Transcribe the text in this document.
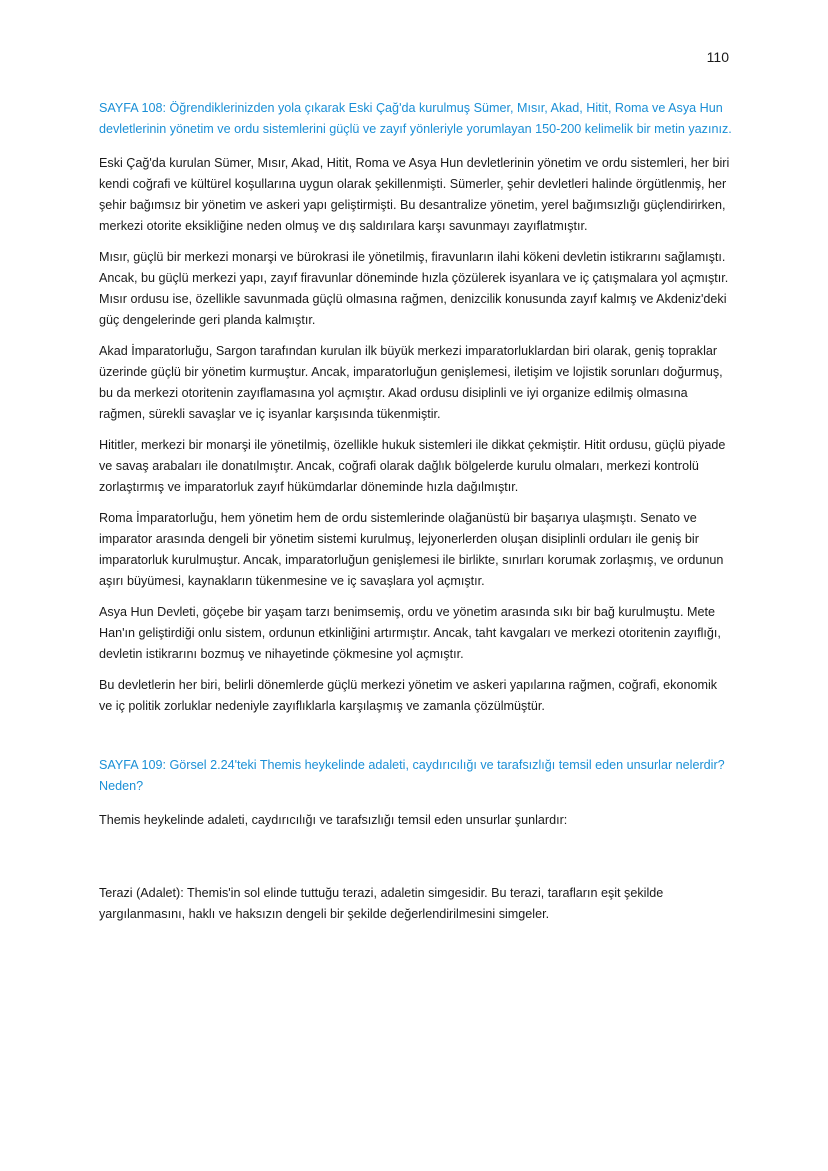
110

SAYFA 108: Öğrendiklerinizden yola çıkarak Eski Çağ'da kurulmuş Sümer, Mısır, Akad, Hitit, Roma ve Asya Hun devletlerinin yönetim ve ordu sistemlerini güçlü ve zayıf yönleriyle yorumlayan 150-200 kelimelik bir metin yazınız.

Eski Çağ'da kurulan Sümer, Mısır, Akad, Hitit, Roma ve Asya Hun devletlerinin yönetim ve ordu sistemleri, her biri kendi coğrafi ve kültürel koşullarına uygun olarak şekillenmişti. Sümerler, şehir devletleri halinde örgütlenmiş, her şehir bağımsız bir yönetim ve askeri yapı geliştirmişti. Bu desantralize yönetim, yerel bağımsızlığı güçlendirirken, merkezi otorite eksikliğine neden olmuş ve dış saldırılara karşı savunmayı zayıflatmıştır.

Mısır, güçlü bir merkezi monarşi ve bürokrasi ile yönetilmiş, firavunların ilahi kökeni devletin istikrarını sağlamıştı. Ancak, bu güçlü merkezi yapı, zayıf firavunlar döneminde hızla çözülerek isyanlara ve iç çatışmalara yol açmıştır. Mısır ordusu ise, özellikle savunmada güçlü olmasına rağmen, denizcilik konusunda zayıf kalmış ve Akdeniz'deki güç dengelerinde geri planda kalmıştır.

Akad İmparatorluğu, Sargon tarafından kurulan ilk büyük merkezi imparatorluklardan biri olarak, geniş topraklar üzerinde güçlü bir yönetim kurmuştur. Ancak, imparatorluğun genişlemesi, iletişim ve lojistik sorunları doğurmuş, bu da merkezi otoritenin zayıflamasına yol açmıştır. Akad ordusu disiplinli ve iyi organize edilmiş olmasına rağmen, sürekli savaşlar ve iç isyanlar karşısında tükenmiştir.

Hititler, merkezi bir monarşi ile yönetilmiş, özellikle hukuk sistemleri ile dikkat çekmiştir. Hitit ordusu, güçlü piyade ve savaş arabaları ile donatılmıştır. Ancak, coğrafi olarak dağlık bölgelerde kurulu olmaları, merkezi kontrolü zorlaştırmış ve imparatorluk zayıf hükümdarlar döneminde hızla dağılmıştır.

Roma İmparatorluğu, hem yönetim hem de ordu sistemlerinde olağanüstü bir başarıya ulaşmıştı. Senato ve imparator arasında dengeli bir yönetim sistemi kurulmuş, lejyonerlerden oluşan disiplinli orduları ile geniş bir imparatorluk kurulmuştur. Ancak, imparatorluğun genişlemesi ile birlikte, sınırları korumak zorlaşmış, ve ordunun aşırı büyümesi, kaynakların tükenmesine ve iç savaşlara yol açmıştır.

Asya Hun Devleti, göçebe bir yaşam tarzı benimsemiş, ordu ve yönetim arasında sıkı bir bağ kurulmuştu. Mete Han'ın geliştirdiği onlu sistem, ordunun etkinliğini artırmıştır. Ancak, taht kavgaları ve merkezi otoritenin zayıflığı, devletin istikrarını bozmuş ve nihayetinde çökmesine yol açmıştır.

Bu devletlerin her biri, belirli dönemlerde güçlü merkezi yönetim ve askeri yapılarına rağmen, coğrafi, ekonomik ve iç politik zorluklar nedeniyle zayıflıklarla karşılaşmış ve zamanla çözülmüştür.

SAYFA 109: Görsel 2.24'teki Themis heykelinde adaleti, caydırıcılığı ve tarafsızlığı temsil eden unsurlar nelerdir? Neden?

Themis heykelinde adaleti, caydırıcılığı ve tarafsızlığı temsil eden unsurlar şunlardır:

Terazi (Adalet): Themis'in sol elinde tuttuğu terazi, adaletin simgesidir. Bu terazi, tarafların eşit şekilde yargılanmasını, haklı ve haksızın dengeli bir şekilde değerlendirilmesini simgeler.
